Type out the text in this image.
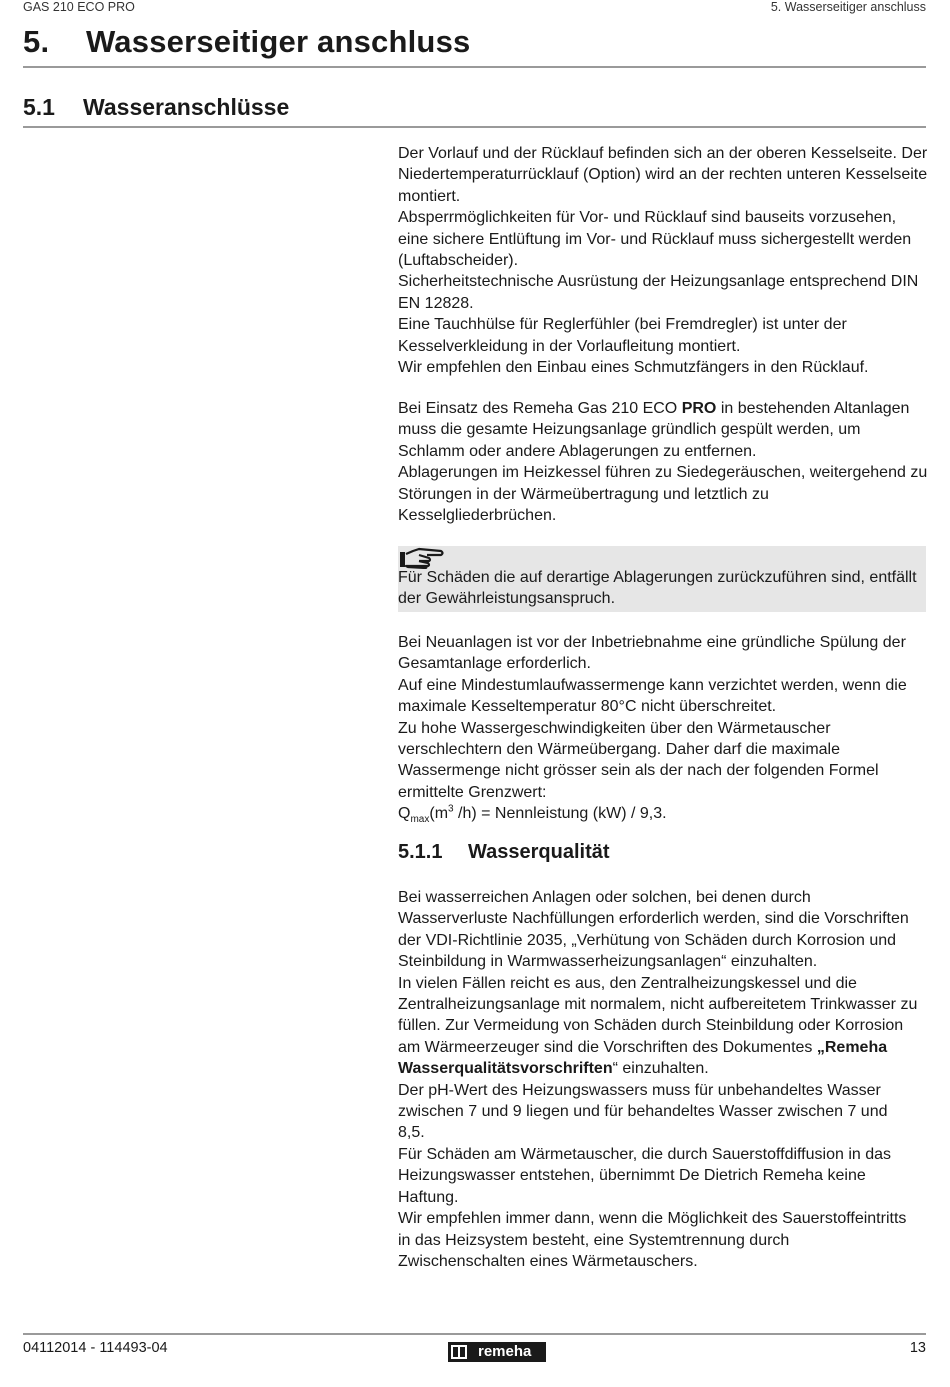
GAS 210 ECO PRO	5. Wasserseitiger anschluss
5. Wasserseitiger anschluss
5.1 Wasseranschlüsse

Der Vorlauf und der Rücklauf befinden sich an der oberen Kesselseite. Der Niedertemperaturrücklauf (Option) wird an der rechten unteren Kesselseite montiert.

Absperrmöglichkeiten für Vor- und Rücklauf sind bauseits vorzusehen, eine sichere Entlüftung im Vor- und Rücklauf muss sichergestellt werden (Luftabscheider).

Sicherheitstechnische Ausrüstung der Heizungsanlage entsprechend DIN EN 12828.

Eine Tauchhülse für Reglerfühler (bei Fremdregler) ist unter der Kesselverkleidung in der Vorlaufleitung montiert.

Wir empfehlen den Einbau eines Schmutzfängers in den Rücklauf.

Bei Einsatz des Remeha Gas 210 ECO PRO in bestehenden Altanlagen muss die gesamte Heizungsanlage gründlich gespült werden, um Schlamm oder andere Ablagerungen zu entfernen.

Ablagerungen im Heizkessel führen zu Siedegeräuschen, weitergehend zu Störungen in der Wärmeübertragung und letztlich zu Kesselgliederbrüchen.

Für Schäden die auf derartige Ablagerungen zurückzuführen sind, entfällt der Gewährleistungsanspruch.

Bei Neuanlagen ist vor der Inbetriebnahme eine gründliche Spülung der Gesamtanlage erforderlich.

Auf eine Mindestumlaufwassermenge kann verzichtet werden, wenn die maximale Kesseltemperatur 80°C nicht überschreitet.

Zu hohe Wassergeschwindigkeiten über den Wärmetauscher verschlechtern den Wärmeübergang. Daher darf die maximale Wassermenge nicht grösser sein als der nach der folgenden Formel ermittelte Grenzwert:

$Q_{max}(m^3$ /h) = Nennleistung (kW) / 9,3.

5.1.1 Wasserqualität

Bei wasserreichen Anlagen oder solchen, bei denen durch Wasserverluste Nachfüllungen erforderlich werden, sind die Vorschriften der VDI-Richtlinie 2035, „Verhütung von Schäden durch Korrosion und Steinbildung in Warmwasserheizungsanlagen“ einzuhalten.

In vielen Fällen reicht es aus, den Zentralheizungskessel und die Zentralheizungsanlage mit normalem, nicht aufbereitetem Trinkwasser zu füllen. Zur Vermeidung von Schäden durch Steinbildung oder Korrosion am Wärmeerzeuger sind die Vorschriften des Dokumentes „Remeha Wasserqualitätsvorschriften“ einzuhalten.

Der pH-Wert des Heizungswassers muss für unbehandeltes Wasser zwischen 7 und 9 liegen und für behandeltes Wasser zwischen 7 und 8,5.

Für Schäden am Wärmetauscher, die durch Sauerstoffdiffusion in das Heizungswasser entstehen, übernimmt De Dietrich Remeha keine Haftung.

Wir empfehlen immer dann, wenn die Möglichkeit des Sauerstoffeintritts in das Heizsystem besteht, eine Systemtrennung durch Zwischenschalten eines Wärmetauschers.

04112014 - 114493-04	remeha	13
